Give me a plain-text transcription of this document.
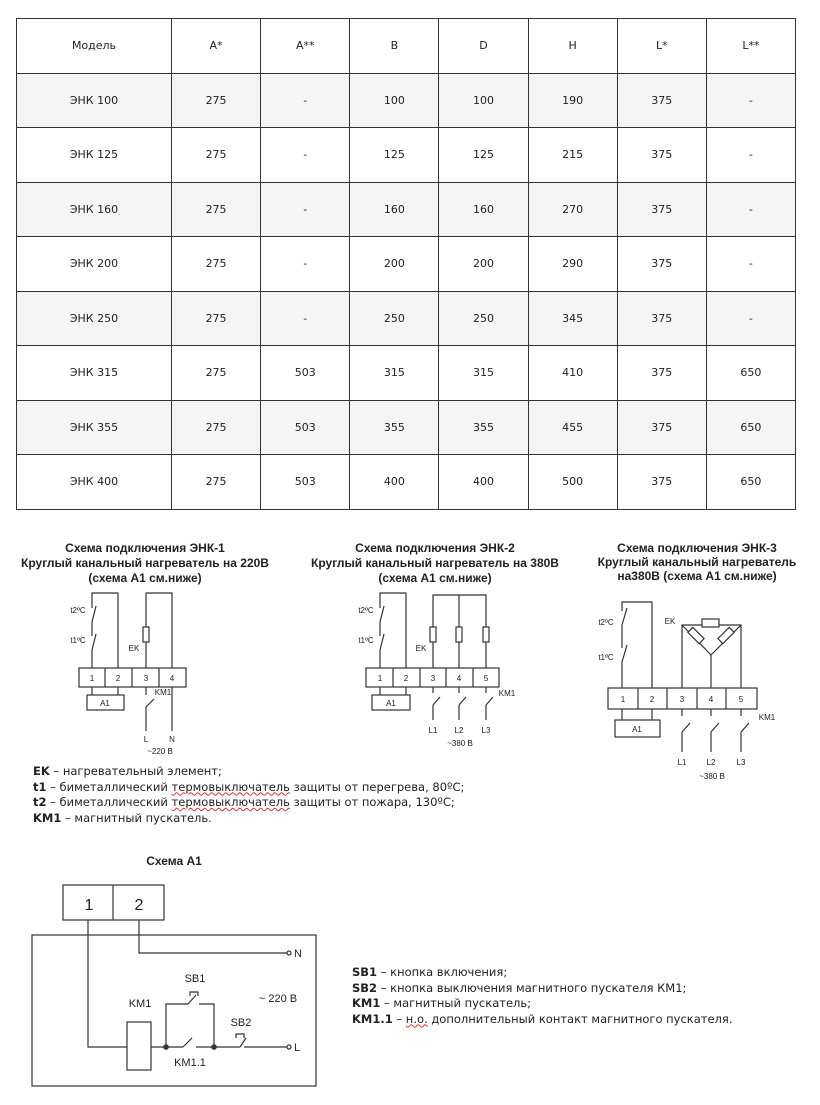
Модель	A*	A**	B	D	H	L*	L**
ЭНК 100	275	-	100	100	190	375	-
ЭНК 125	275	-	125	125	215	375	-
ЭНК 160	275	-	160	160	270	375	-
ЭНК 200	275	-	200	200	290	375	-
ЭНК 250	275	-	250	250	345	375	-
ЭНК 315	275	503	315	315	410	375	650
ЭНК 355	275	503	355	355	455	375	650
ЭНК 400	275	503	400	400	500	375	650
Схема подключения ЭНК-1
Круглый канальный нагреватель на 220В
(схема А1 см.ниже)
t2ºC
t1ºC
EK
1	2	3	4
A1
KM1
L	N
~220 В
Схема подключения ЭНК-2
Круглый канальный нагреватель на 380В
(схема А1 см.ниже)
t2ºC
t1ºC
EK
1	2	3	4	5
A1
KM1
L1 L2 L3
~380 В
Схема подключения ЭНК-3
Круглый канальный нагреватель
на380В (схема А1 см.ниже)
t2ºC
t1ºC
EK
1	2	3	4	5
A1
KM1
L1	L2	L3
~380 В
Схема А1
1	2
N
L
KM1
SB1
SB2
KM1.1
~ 220 В
EK – нагревательный элемент;
t1 – биметаллический термовыключатель защиты от перегрева, 80ºC;
t2 – биметаллический термовыключатель защиты от пожара, 130ºC;
KM1 – магнитный пускатель.
SB1 – кнопка включения;
SB2 – кнопка выключения магнитного пускателя КМ1;
KM1 – магнитный пускатель;
KM1.1 – н.о. дополнительный контакт магнитного пускателя.
